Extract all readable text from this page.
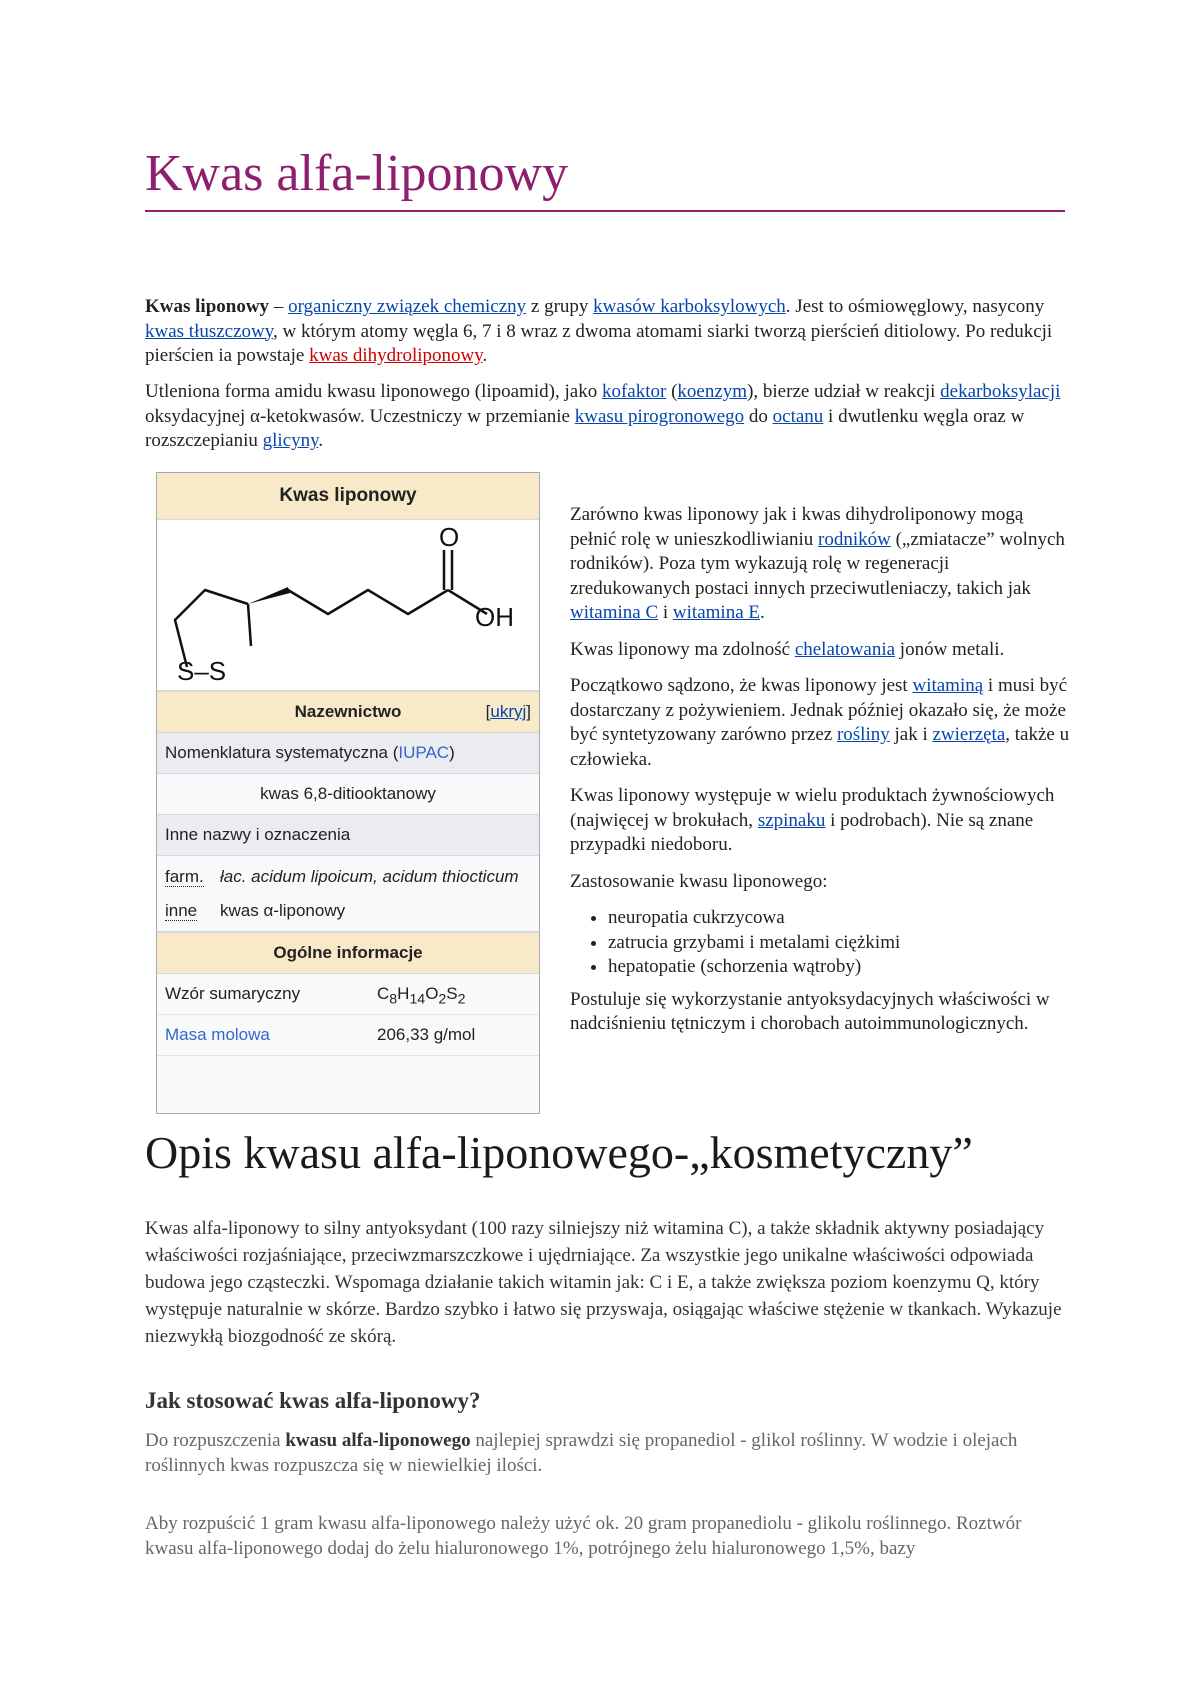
Kwas alfa-liponowy

Kwas liponowy – organiczny związek chemiczny z grupy kwasów karboksylowych. Jest to ośmiowęglowy, nasycony kwas tłuszczowy, w którym atomy węgla 6, 7 i 8 wraz z dwoma atomami siarki tworzą pierścień ditiolowy. Po redukcji pierścien ia powstaje kwas dihydroliponowy.

Utleniona forma amidu kwasu liponowego (lipoamid), jako kofaktor (koenzym), bierze udział w reakcji dekarboksylacji oksydacyjnej α-ketokwasów. Uczestniczy w przemianie kwasu pirogronowego do octanu i dwutlenku węgla oraz w rozszczepianiu glicyny.

Kwas liponowy
O
OH
S–S
Nazewnictwo	[ukryj]
Nomenklatura systematyczna (IUPAC)
kwas 6,8-ditiooktanowy
Inne nazwy i oznaczenia
farm. łac. acidum lipoicum, acidum thiocticum
inne	kwas α-liponowy
Ogólne informacje
Wzór sumaryczny	$C_8H_{14}O_2S_2$
Masa molowa	206,33 g/mol

Zarówno kwas liponowy jak i kwas dihydroliponowy mogą pełnić rolę w unieszkodliwianiu rodników („zmiatacze” wolnych rodników). Poza tym wykazują rolę w regeneracji zredukowanych postaci innych przeciwutleniaczy, takich jak witamina C i witamina E.

Kwas liponowy ma zdolność chelatowania jonów metali.

Początkowo sądzono, że kwas liponowy jest witaminą i musi być dostarczany z pożywieniem. Jednak później okazało się, że może być syntetyzowany zarówno przez rośliny jak i zwierzęta, także u człowieka.

Kwas liponowy występuje w wielu produktach żywnościowych (najwięcej w brokułach, szpinaku i podrobach). Nie są znane przypadki niedoboru.

Zastosowanie kwasu liponowego:

• neuropatia cukrzycowa
• zatrucia grzybami i metalami ciężkimi
• hepatopatie (schorzenia wątroby)

Postuluje się wykorzystanie antyoksydacyjnych właściwości w nadciśnieniu tętniczym i chorobach autoimmunologicznych.

Opis kwasu alfa-liponowego-„kosmetyczny”

Kwas alfa-liponowy to silny antyoksydant (100 razy silniejszy niż witamina C), a także składnik aktywny posiadający właściwości rozjaśniające, przeciwzmarszczkowe i ujędrniające. Za wszystkie jego unikalne właściwości odpowiada budowa jego cząsteczki. Wspomaga działanie takich witamin jak: C i E, a także zwiększa poziom koenzymu Q, który występuje naturalnie w skórze. Bardzo szybko i łatwo się przyswaja, osiągając właściwe stężenie w tkankach. Wykazuje niezwykłą biozgodność ze skórą.

Jak stosować kwas alfa-liponowy?

Do rozpuszczenia kwasu alfa-liponowego najlepiej sprawdzi się propanediol - glikol roślinny. W wodzie i olejach roślinnych kwas rozpuszcza się w niewielkiej ilości.

Aby rozpuścić 1 gram kwasu alfa-liponowego należy użyć ok. 20 gram propanediolu - glikolu roślinnego. Roztwór kwasu alfa-liponowego dodaj do żelu hialuronowego 1%, potrójnego żelu hialuronowego 1,5%, bazy
